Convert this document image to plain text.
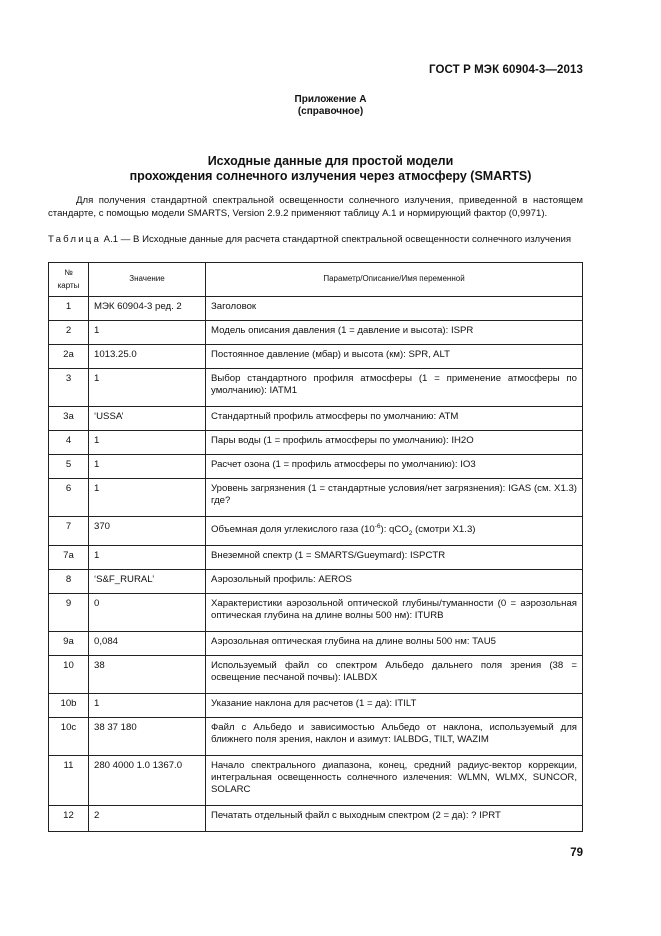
ГОСТ Р МЭК 60904-3—2013
Приложение А
(справочное)
Исходные данные для простой модели
прохождения солнечного излучения через атмосферу (SMARTS)

Для получения стандартной спектральной освещенности солнечного излучения, приведенной в настоящем стандарте, с помощью модели SMARTS, Version 2.9.2 применяют таблицу А.1 и нормирующий фактор (0,9971).

Таблица А.1 — В Исходные данные для расчета стандартной спектральной освещенности солнечного излучения
№ карты	Значение	Параметр/Описание/Имя переменной
1	МЭК 60904-3 ред. 2	Заголовок
2	1	Модель описания давления (1 = давление и высота): ISPR
2a	1013.25.0	Постоянное давление (мбар) и высота (км): SPR, ALT
3	1	Выбор стандартного профиля атмосферы (1 = применение атмосферы по умолчанию): IATM1
3a	‘USSA’	Стандартный профиль атмосферы по умолчанию: ATM
4	1	Пары воды (1 = профиль атмосферы по умолчанию): IH2O
5	1	Расчет озона (1 = профиль атмосферы по умолчанию): IO3
6	1	Уровень загрязнения (1 = стандартные условия/нет загрязнения): IGAS (см. X1.3) где?
7	370	Объемная доля углекислого газа $(10^{-6})$: qCO$_2$ (смотри X1.3)
7a	1	Внеземной спектр (1 = SMARTS/Gueymard): ISPCTR
8	‘S&F_RURAL’	Аэрозольный профиль: AEROS
9	0	Характеристики аэрозольной оптической глубины/туманности (0 = аэрозольная оптическая глубина на длине волны 500 нм): ITURB
9a	0,084	Аэрозольная оптическая глубина на длине волны 500 нм: TAU5
10	38	Используемый файл со спектром Альбедо дальнего поля зрения (38 = освещение песчаной почвы): IALBDX
10b	1	Указание наклона для расчетов (1 = да): ITILT
10c	38 37 180	Файл с Альбедо и зависимостью Альбедо от наклона, используемый для ближнего поля зрения, наклон и азимут: IALBDG, TILT, WAZIM
11	280 4000 1.0 1367.0	Начало спектрального диапазона, конец, средний радиус-вектор коррекции, интегральная освещенность солнечного излечения: WLMN, WLMX, SUNCOR, SOLARC
12	2	Печатать отдельный файл с выходным спектром (2 = да): ? IPRT
79
